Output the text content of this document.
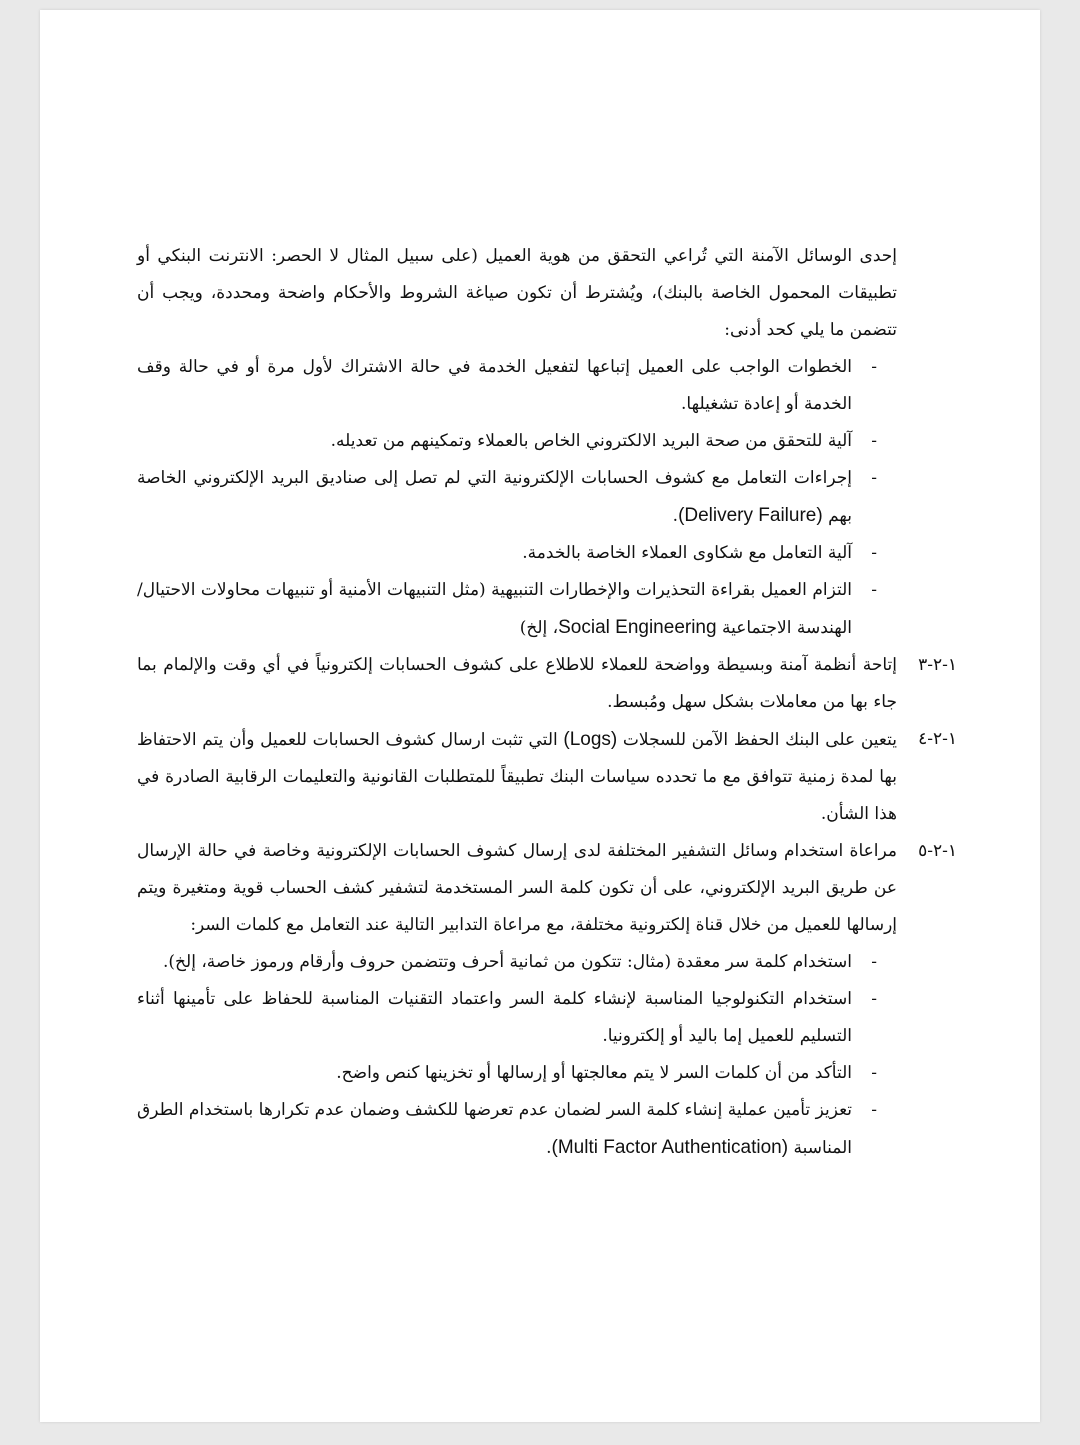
إحدى الوسائل الآمنة التي تُراعي التحقق من هوية العميل (على سبيل المثال لا الحصر: الانترنت البنكي أو تطبيقات المحمول الخاصة بالبنك)، ويُشترط أن تكون صياغة الشروط والأحكام واضحة ومحددة، ويجب أن تتضمن ما يلي كحد أدنى:

-
الخطوات الواجب على العميل إتباعها لتفعيل الخدمة في حالة الاشتراك لأول مرة أو في حالة وقف الخدمة أو إعادة تشغيلها.
-
آلية للتحقق من صحة البريد الالكتروني الخاص بالعملاء وتمكينهم من تعديله.
-
إجراءات التعامل مع كشوف الحسابات الإلكترونية التي لم تصل إلى صناديق البريد الإلكتروني الخاصة بهم (Delivery Failure).
-
آلية التعامل مع شكاوى العملاء الخاصة بالخدمة.
-
التزام العميل بقراءة التحذيرات والإخطارات التنبيهية (مثل التنبيهات الأمنية أو تنبيهات محاولات الاحتيال/ الهندسة الاجتماعية Social Engineering، إلخ)
١-٢-٣
إتاحة أنظمة آمنة وبسيطة وواضحة للعملاء للاطلاع على كشوف الحسابات إلكترونياً في أي وقت والإلمام بما جاء بها من معاملات بشكل سهل ومُبسط.
١-٢-٤
يتعين على البنك الحفظ الآمن للسجلات (Logs) التي تثبت ارسال كشوف الحسابات للعميل وأن يتم الاحتفاظ بها لمدة زمنية تتوافق مع ما تحدده سياسات البنك تطبيقاً للمتطلبات القانونية والتعليمات الرقابية الصادرة في هذا الشأن.
١-٢-٥
مراعاة استخدام وسائل التشفير المختلفة لدى إرسال كشوف الحسابات الإلكترونية وخاصة في حالة الإرسال عن طريق البريد الإلكتروني، على أن تكون كلمة السر المستخدمة لتشفير كشف الحساب قوية ومتغيرة ويتم إرسالها للعميل من خلال قناة إلكترونية مختلفة، مع مراعاة التدابير التالية عند التعامل مع كلمات السر:
-
استخدام كلمة سر معقدة (مثال: تتكون من ثمانية أحرف وتتضمن حروف وأرقام ورموز خاصة، إلخ).
-
استخدام التكنولوجيا المناسبة لإنشاء كلمة السر واعتماد التقنيات المناسبة للحفاظ على تأمينها أثناء التسليم للعميل إما باليد أو إلكترونيا.
-
التأكد من أن كلمات السر لا يتم معالجتها أو إرسالها أو تخزينها كنص واضح.
-
تعزيز تأمين عملية إنشاء كلمة السر لضمان عدم تعرضها للكشف وضمان عدم تكرارها باستخدام الطرق المناسبة (Multi Factor Authentication).
